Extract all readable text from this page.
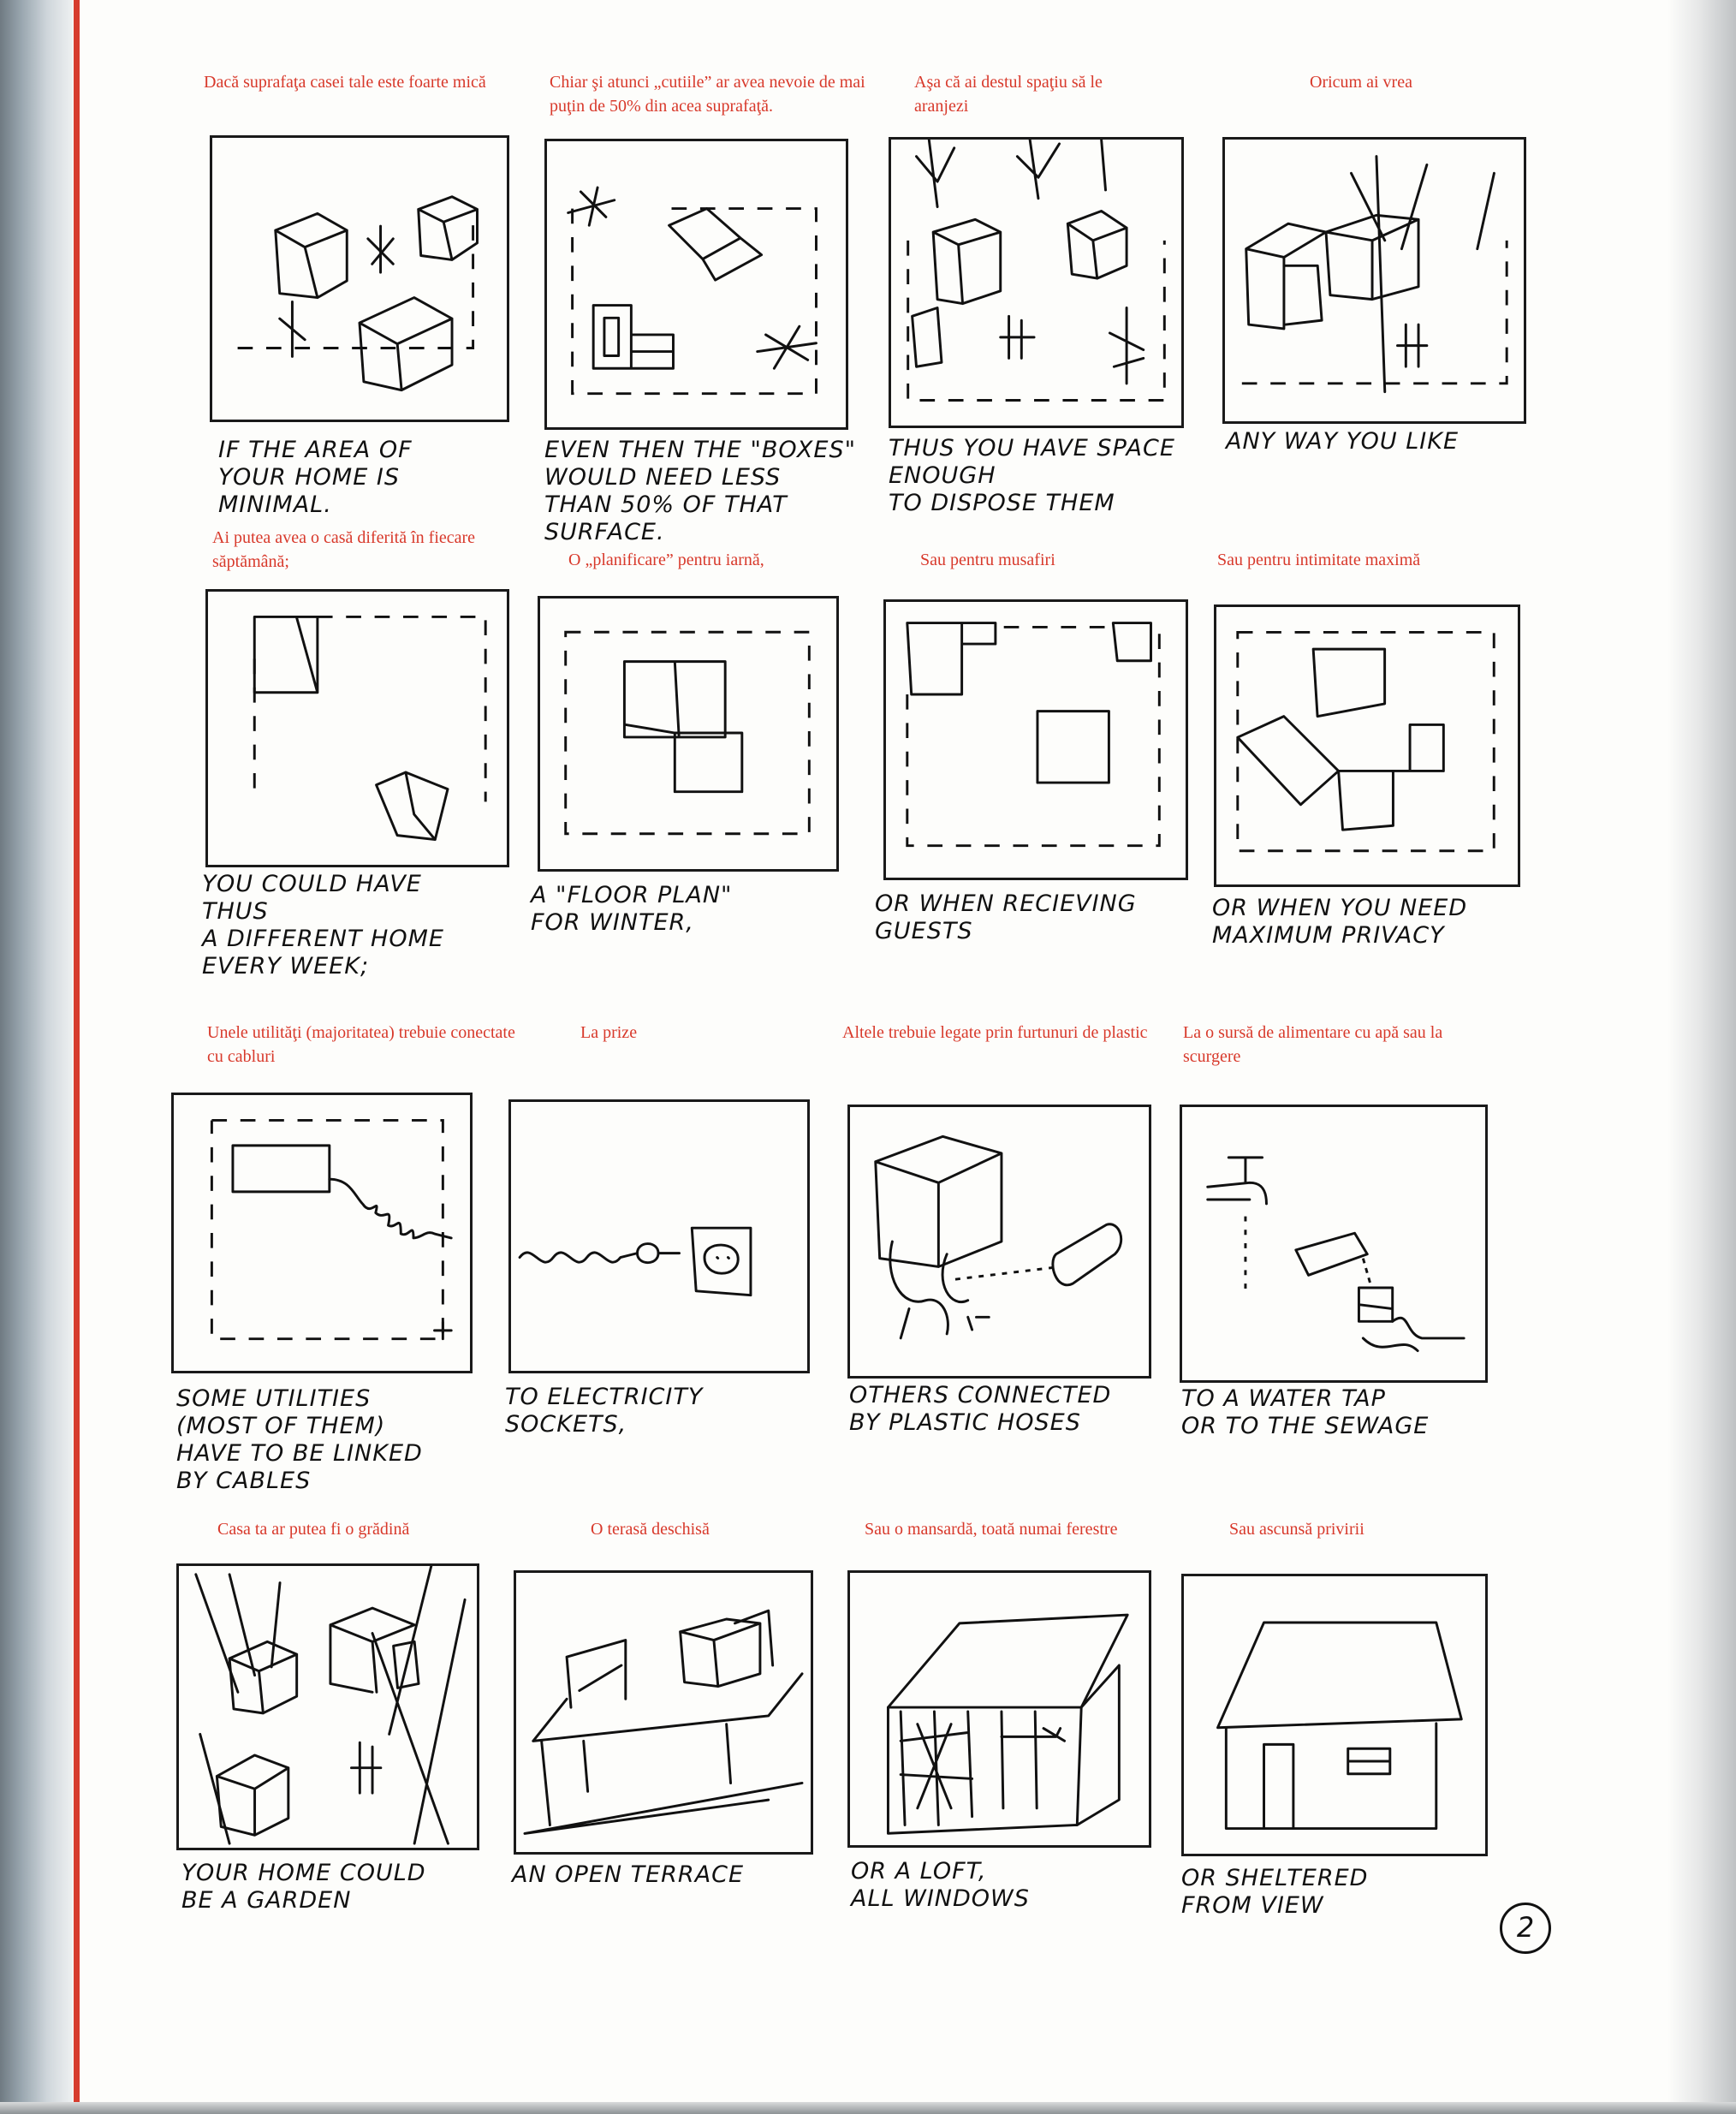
Dacă suprafaţa casei tale este foarte mică
IF THE AREA OF
YOUR HOME IS
MINIMAL.
Chiar şi atunci „cutiile” ar avea nevoie de mai puţin de 50% din acea suprafaţă.
EVEN THEN THE "BOXES"
WOULD NEED LESS
THAN 50% OF THAT
SURFACE.
Aşa că ai destul spaţiu să le aranjezi
THUS YOU HAVE SPACE
ENOUGH
TO DISPOSE THEM
Oricum ai vrea
ANY WAY YOU LIKE
Ai putea avea o casă diferită în fiecare săptămână;
YOU COULD HAVE
THUS
A DIFFERENT HOME
EVERY WEEK;
O „planificare” pentru iarnă,
A "FLOOR PLAN"
FOR WINTER,
Sau pentru musafiri
OR WHEN RECIEVING
GUESTS
Sau pentru intimitate maximă
OR WHEN YOU NEED
MAXIMUM PRIVACY
Unele utilităţi (majoritatea) trebuie conectate cu cabluri
SOME UTILITIES
(MOST OF THEM)
HAVE TO BE LINKED
BY CABLES
La prize
TO ELECTRICITY
SOCKETS,
Altele trebuie legate prin furtunuri de plastic
OTHERS CONNECTED
BY PLASTIC HOSES
La o sursă de alimentare cu apă sau la scurgere
TO A WATER TAP
OR TO THE SEWAGE
Casa ta ar putea fi o grădină
YOUR HOME COULD
BE A GARDEN
O terasă deschisă
AN OPEN TERRACE
Sau o mansardă, toată numai ferestre
OR A LOFT,
ALL WINDOWS
Sau ascunsă privirii
OR SHELTERED
FROM VIEW
2
